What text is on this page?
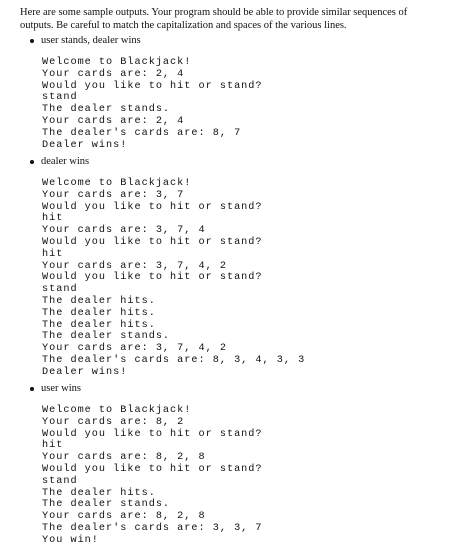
Here are some sample outputs. Your program should be able to provide similar sequences of

outputs. Be careful to match the capitalization and spaces of the various lines.

user stands, dealer wins
Welcome to Blackjack!
Your cards are: 2, 4
Would you like to hit or stand?
stand
The dealer stands.
Your cards are: 2, 4
The dealer's cards are: 8, 7
Dealer wins!
dealer wins
Welcome to Blackjack!
Your cards are: 3, 7
Would you like to hit or stand?
hit
Your cards are: 3, 7, 4
Would you like to hit or stand?
hit
Your cards are: 3, 7, 4, 2
Would you like to hit or stand?
stand
The dealer hits.
The dealer hits.
The dealer hits.
The dealer stands.
Your cards are: 3, 7, 4, 2
The dealer's cards are: 8, 3, 4, 3, 3
Dealer wins!
user wins
Welcome to Blackjack!
Your cards are: 8, 2
Would you like to hit or stand?
hit
Your cards are: 8, 2, 8
Would you like to hit or stand?
stand
The dealer hits.
The dealer stands.
Your cards are: 8, 2, 8
The dealer's cards are: 3, 3, 7
You win!
